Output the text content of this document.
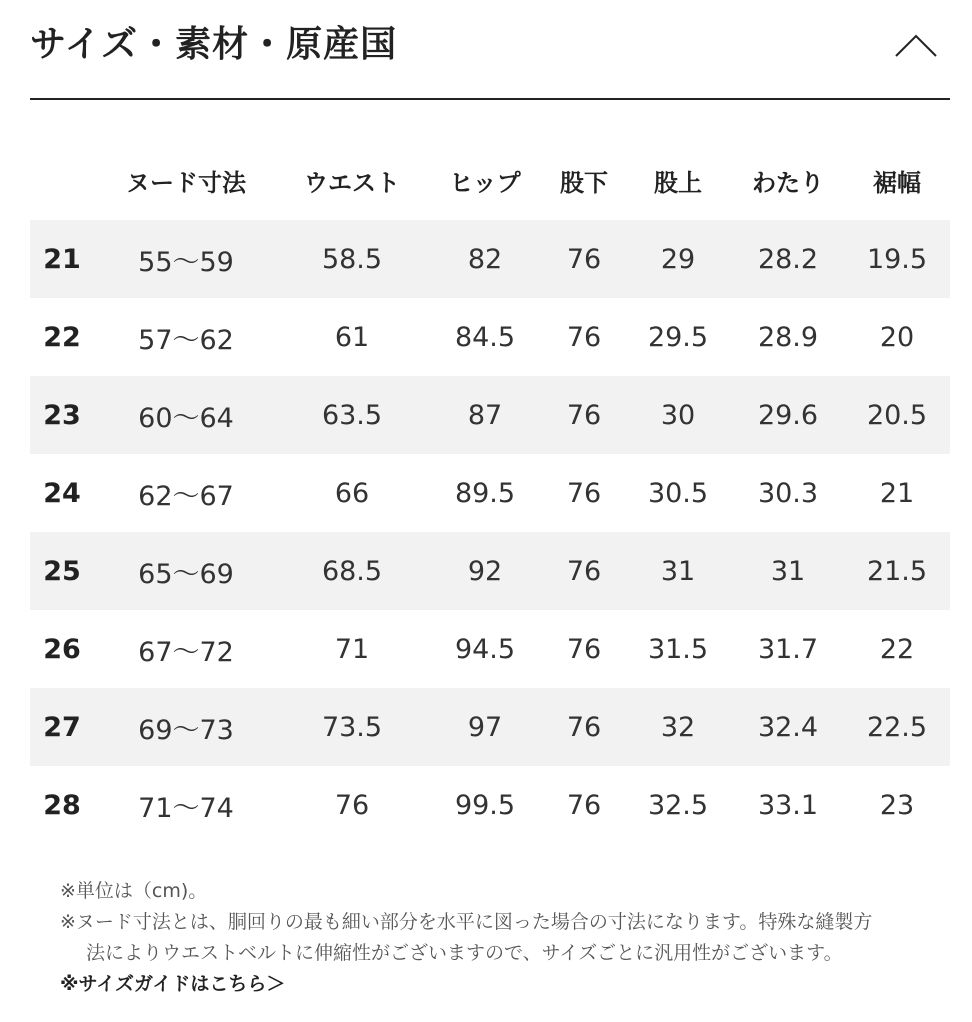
サイズ・素材・原産国
	ヌード寸法	ウエスト	ヒップ	股下	股上	わたり	裾幅
21	55〜59	58.5	82	76	29	28.2	19.5
22	57〜62	61	84.5	76	29.5	28.9	20
23	60〜64	63.5	87	76	30	29.6	20.5
24	62〜67	66	89.5	76	30.5	30.3	21
25	65〜69	68.5	92	76	31	31	21.5
26	67〜72	71	94.5	76	31.5	31.7	22
27	69〜73	73.5	97	76	32	32.4	22.5
28	71〜74	76	99.5	76	32.5	33.1	23
※単位は（cm)。
※ヌード寸法とは、胴回りの最も細い部分を水平に図った場合の寸法になります。特殊な縫製方
法によりウエストベルトに伸縮性がございますので、サイズごとに汎用性がございます。
※サイズガイドはこちら＞
